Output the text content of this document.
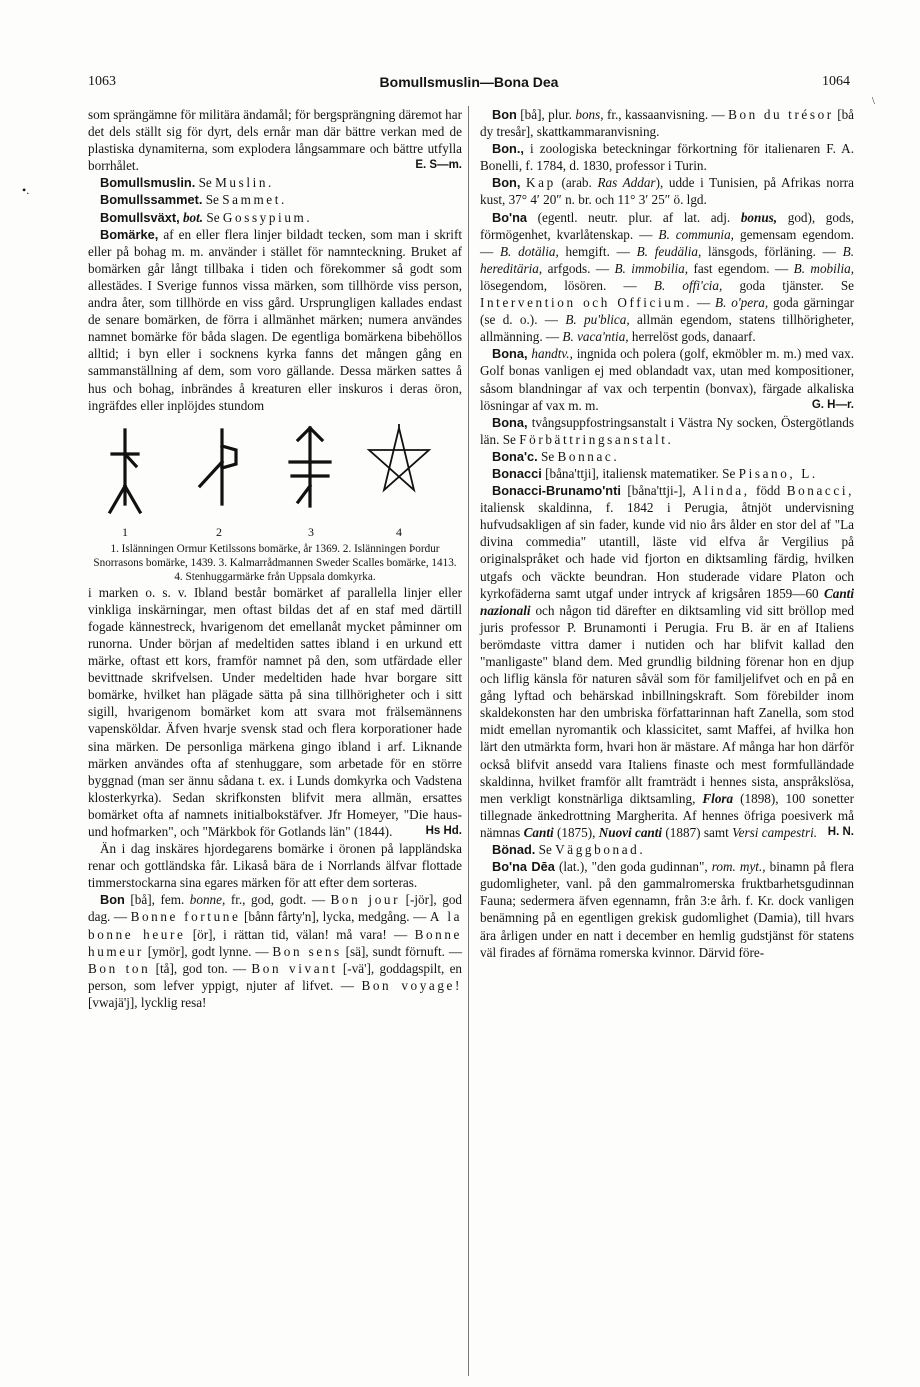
1063	Bomullsmuslin—Bona Dea	1064
•.
\

som sprängämne för militära ändamål; för bergsprängning däremot har det dels ställt sig för dyrt, dels ernår man där bättre verkan med de plastiska dynamiterna, som explodera långsammare och bättre utfylla borrhålet.	E. S—m.

Bomullsmuslin. Se Muslin.

Bomullssammet. Se Sammet.

Bomullsväxt, bot. Se Gossypium.

Bomärke, af en eller flera linjer bildadt tecken, som man i skrift eller på bohag m. m. använder i stället för namnteckning. Bruket af bomärken går långt tillbaka i tiden och förekommer så godt som allestädes. I Sverige funnos vissa märken, som tillhörde viss person, andra åter, som tillhörde en viss gård. Ursprungligen kallades endast de senare bomärken, de förra i allmänhet märken; numera användes namnet bomärke för båda slagen. De egentliga bomärkena bibehöllos alltid; i byn eller i socknens kyrka fanns det mången gång en sammanställning af dem, som voro gällande. Dessa märken sattes å hus och bohag, inbrändes å kreaturen eller inskuros i deras öron, ingräfdes eller inplöjdes stundom

1	2	3	4

1. Islänningen Ormur Ketilssons bomärke, år 1369. 2. Islänningen Þordur Snorrasons bomärke, 1439. 3. Kalmarrådmannen Sweder Scalles bomärke, 1413. 4. Stenhuggarmärke från Uppsala domkyrka.

i marken o. s. v. Ibland består bomärket af parallella linjer eller vinkliga inskärningar, men oftast bildas det af en staf med därtill fogade kännestreck, hvarigenom det emellanåt mycket påminner om runorna. Under början af medeltiden sattes ibland i en urkund ett märke, oftast ett kors, framför namnet på den, som utfärdade eller bevittnade skrifvelsen. Under medeltiden hade hvar borgare sitt bomärke, hvilket han plägade sätta på sina tillhörigheter och i sitt sigill, hvarigenom bomärket kom att svara mot frälsemännens vapensköldar. Äfven hvarje svensk stad och flera korporationer hade sina märken. De personliga märkena gingo ibland i arf. Liknande märken användes ofta af stenhuggare, som arbetade för en större byggnad (man ser ännu sådana t. ex. i Lunds domkyrka och Vadstena klosterkyrka). Sedan skrifkonsten blifvit mera allmän, ersattes bomärket ofta af namnets initialbokstäfver. Jfr Homeyer, "Die haus- und hofmarken", och "Märkbok för Gotlands län" (1844).	Hs Hd.

Än i dag inskäres hjordegarens bomärke i öronen på lappländska renar och gottländska får. Likaså bära de i Norrlands älfvar flottade timmerstockarna sina egares märken för att efter dem sorteras.

Bon [bå], fem. bonne, fr., god, godt. — Bon jour [-jör], god dag. — Bonne fortune [bånn fårty'n], lycka, medgång. — A la bonne heure [ör], i rättan tid, välan! må vara! — Bonne humeur [ymör], godt lynne. — Bon sens [sä], sundt förnuft. — Bon ton [tå], god ton. — Bon vivant [-vä'], goddagspilt, en person, som lefver yppigt, njuter af lifvet. — Bon voyage! [vwajä'j], lycklig resa!

Bon [bå], plur. bons, fr., kassaanvisning. — Bon du trésor [bå dy tresår], skattkammaranvisning.

Bon., i zoologiska beteckningar förkortning för italienaren F. A. Bonelli, f. 1784, d. 1830, professor i Turin.

Bon, Kap (arab. Ras Addar), udde i Tunisien, på Afrikas norra kust, 37° 4′ 20″ n. br. och 11° 3′ 25″ ö. lgd.

Bo'na (egentl. neutr. plur. af lat. adj. bonus, god), gods, förmögenhet, kvarlåtenskap. — B. communia, gemensam egendom. — B. dotälia, hemgift. — B. feudälia, länsgods, förläning. — B. hereditäria, arfgods. — B. immobilia, fast egendom. — B. mobilia, lösegendom, lösören. — B. offi'cia, goda tjänster. Se Intervention och Officium. — B. o'pera, goda gärningar (se d. o.). — B. pu'blica, allmän egendom, statens tillhörigheter, allmänning. — B. vaca'ntia, herrelöst gods, danaarf.

Bona, handtv., ingnida och polera (golf, ekmöbler m. m.) med vax. Golf bonas vanligen ej med oblandadt vax, utan med kompositioner, såsom blandningar af vax och terpentin (bonvax), färgade alkaliska lösningar af vax m. m.	G. H—r.

Bona, tvångsuppfostringsanstalt i Västra Ny socken, Östergötlands län. Se Förbättringsanstalt.

Bona'c. Se Bonnac.

Bonacci [båna'ttji], italiensk matematiker. Se Pisano, L.

Bonacci-Brunamo'nti [båna'ttji-], Alinda, född Bonacci, italiensk skaldinna, f. 1842 i Perugia, åtnjöt undervisning hufvudsakligen af sin fader, kunde vid nio års ålder en stor del af "La divina commedia" utantill, läste vid elfva år Vergilius på originalspråket och hade vid fjorton en diktsamling färdig, hvilken utgafs och väckte beundran. Hon studerade vidare Platon och kyrkofäderna samt utgaf under intryck af krigsåren 1859—60 Canti nazionali och någon tid därefter en diktsamling vid sitt bröllop med juris professor P. Brunamonti i Perugia. Fru B. är en af Italiens berömdaste vittra damer i nutiden och har blifvit kallad den "manligaste" bland dem. Med grundlig bildning förenar hon en djup och liflig känsla för naturen såväl som för familjelifvet och en på en gång lyftad och behärskad inbillningskraft. Som förebilder inom skaldekonsten har den umbriska författarinnan haft Zanella, som stod midt emellan nyromantik och klassicitet, samt Maffei, af hvilka hon lärt den utmärkta form, hvari hon är mästare. Af många har hon därför också blifvit ansedd vara Italiens finaste och mest formfulländade skaldinna, hvilket framför allt framträdt i hennes sista, anspråkslösa, men verkligt konstnärliga diktsamling, Flora (1898), 100 sonetter tillegnade änkedrottning Margherita. Af hennes öfriga poesiverk må nämnas Canti (1875), Nuovi canti (1887) samt Versi campestri. H. N.

Bönad. Se Väggbonad.

Bo'na Dēa (lat.), "den goda gudinnan", rom. myt., binamn på flera gudomligheter, vanl. på den gammalromerska fruktbarhetsgudinnan Fauna; sedermera äfven egennamn, från 3:e årh. f. Kr. dock vanligen benämning på en egentligen grekisk gudomlighet (Damia), till hvars ära årligen under en natt i december en hemlig gudstjänst för statens väl firades af förnäma romerska kvinnor. Därvid före-
